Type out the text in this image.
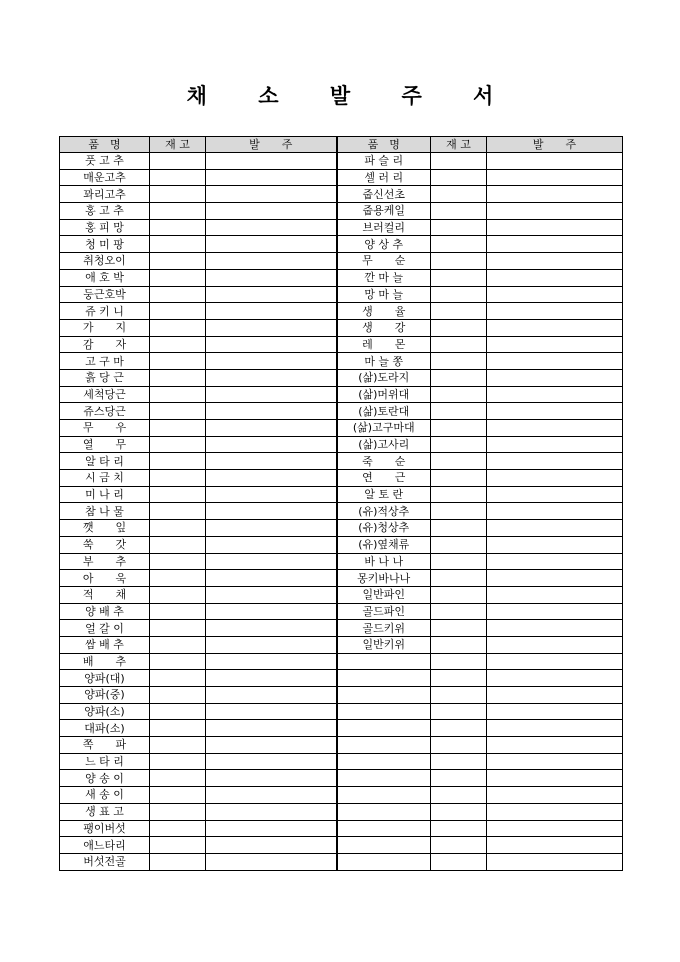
채 소 발 주 서
품　명	재 고	발　　주	품　명	재 고	발　　주
풋 고 추			파 슬 리		
매운고추			셀 러 리		
꽈리고추			줍신선초		
홍 고 추			줍용케일		
홍 피 망			브러컬리		
청 미 팡			양 상 추		
취청오이			무　　순		
애 호 박			깐 마 늘		
둥근호박			망 마 늘		
쥬 키 니			생　　율		
가　　지			생　　강		
감　　자			레　　몬		
고 구 마			마 늘 쫑		
흙 당 근			(삶)도라지		
세척당근			(삶)머위대		
쥬스당근			(삶)토란대		
무　　우			(삶)고구마대		
열　　무			(삶)고사리		
알 타 리			죽　　순		
시 금 치			연　　근		
미 나 리			알 토 란		
참 나 물			(유)적상추		
깻　　잎			(유)청상추		
쑥　　갓			(유)옆채류		
부　　추			바 나 나		
아　　욱			몽키바나나		
적　　채			일반파인		
양 배 추			골드파인		
얼 갈 이			골드키위		
쌈 배 추			일반키위		
배　　추					
양파(대)					
양파(중)					
양파(소)					
대파(소)					
쪽　　파					
느 타 리					
양 송 이					
새 송 이					
생 표 고					
팽이버섯					
애느타리					
버섯전골					
